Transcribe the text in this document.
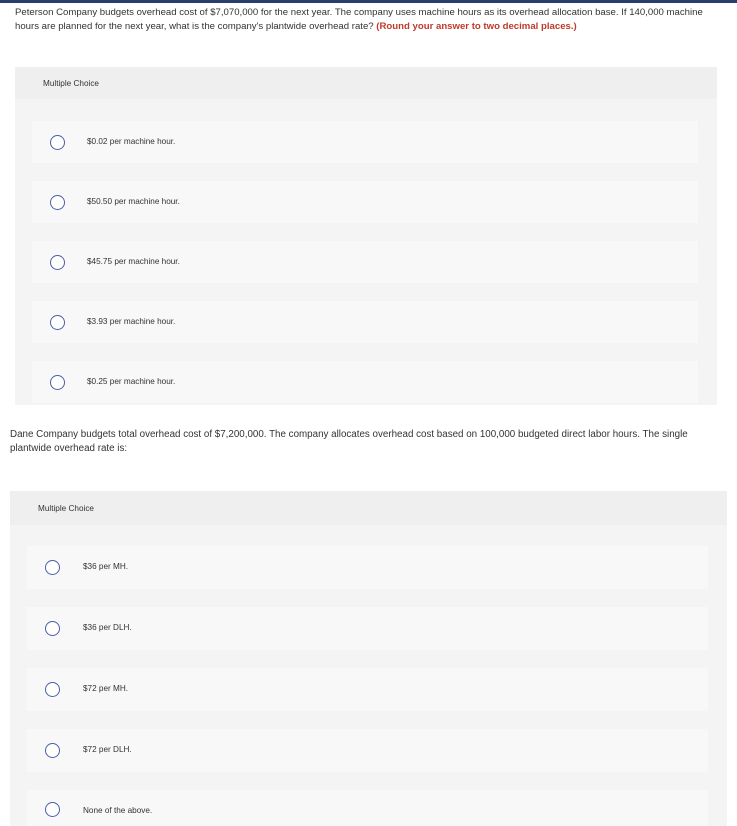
Peterson Company budgets overhead cost of $7,070,000 for the next year. The company uses machine hours as its overhead allocation base. If 140,000 machine hours are planned for the next year, what is the company's plantwide overhead rate? (Round your answer to two decimal places.)
Multiple Choice
$0.02 per machine hour.
$50.50 per machine hour.
$45.75 per machine hour.
$3.93 per machine hour.
$0.25 per machine hour.
Dane Company budgets total overhead cost of $7,200,000. The company allocates overhead cost based on 100,000 budgeted direct labor hours. The single plantwide overhead rate is:
Multiple Choice
$36 per MH.
$36 per DLH.
$72 per MH.
$72 per DLH.
None of the above.
